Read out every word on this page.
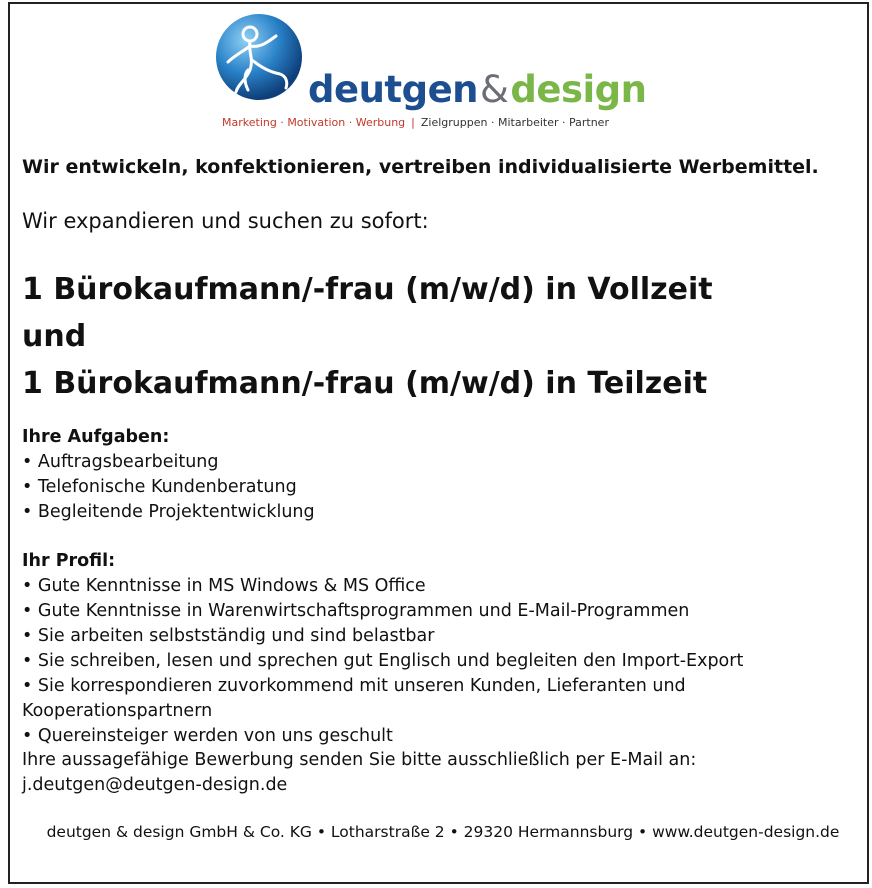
deutgen&design
Marketing · Motivation · Werbung | Zielgruppen · Mitarbeiter · Partner
Wir entwickeln, konfektionieren, vertreiben individualisierte Werbemittel.
Wir expandieren und suchen zu sofort:
1 Bürokaufmann/-frau (m/w/d) in Vollzeit
und
1 Bürokaufmann/-frau (m/w/d) in Teilzeit
Ihre Aufgaben:
• Auftragsbearbeitung
• Telefonische Kundenberatung
• Begleitende Projektentwicklung
Ihr Profil:
• Gute Kenntnisse in MS Windows & MS Office
• Gute Kenntnisse in Warenwirtschaftsprogrammen und E-Mail-Programmen
• Sie arbeiten selbstständig und sind belastbar
• Sie schreiben, lesen und sprechen gut Englisch und begleiten den Import-Export
• Sie korrespondieren zuvorkommend mit unseren Kunden, Lieferanten und Kooperationspartnern
• Quereinsteiger werden von uns geschult
Ihre aussagefähige Bewerbung senden Sie bitte ausschließlich per E-Mail an:
j.deutgen@deutgen-design.de
deutgen & design GmbH & Co. KG • Lotharstraße 2 • 29320 Hermannsburg • www.deutgen-design.de
